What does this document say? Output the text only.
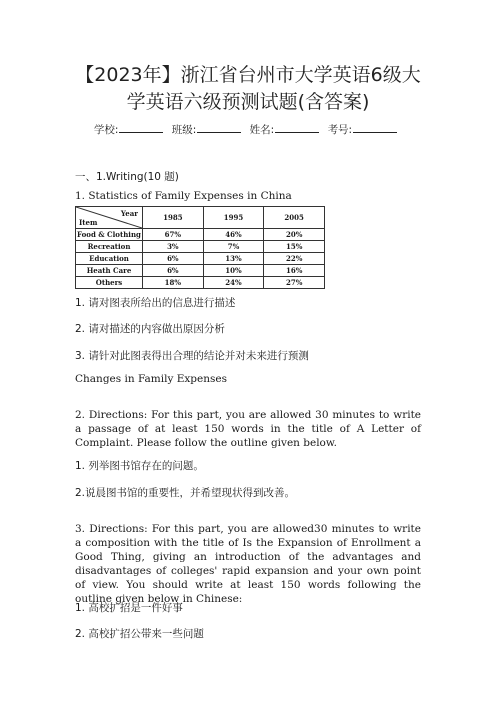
【2023年】浙江省台州市大学英语6级大
学英语六级预测试题(含答案)
学校:	班级:	姓名:	考号:
一、1.Writing(10 题)
1. Statistics of Family Expenses in China
Year
Item	1985	1995	2005
Food & Clothing	67%	46%	20%
Recreation	3%	7%	15%
Education	6%	13%	22%
Heath Care	6%	10%	16%
Others	18%	24%	27%
1. 请对图表所给出的信息进行描述
2. 请对描述的内容做出原因分析
3. 请针对此图表得出合理的结论并对未来进行预测
Changes in Family Expenses
2. Directions: For this part, you are allowed 30 minutes to write a passage of at least 150 words in the title of A Letter of Complaint. Please follow the outline given below.
1. 列举图书馆存在的问题。
2.说晨图书馆的重要性，并希望现状得到改善。
3. Directions: For this part, you are allowed30 minutes to write a composition with the title of Is the Expansion of Enrollment a Good Thing, giving an introduction of the advantages and disadvantages of colleges' rapid expansion and your own point of view. You should write at least 150 words following the outline given below in Chinese:
1. 高校扩招是一件好事
2. 高校扩招公带来一些问题
